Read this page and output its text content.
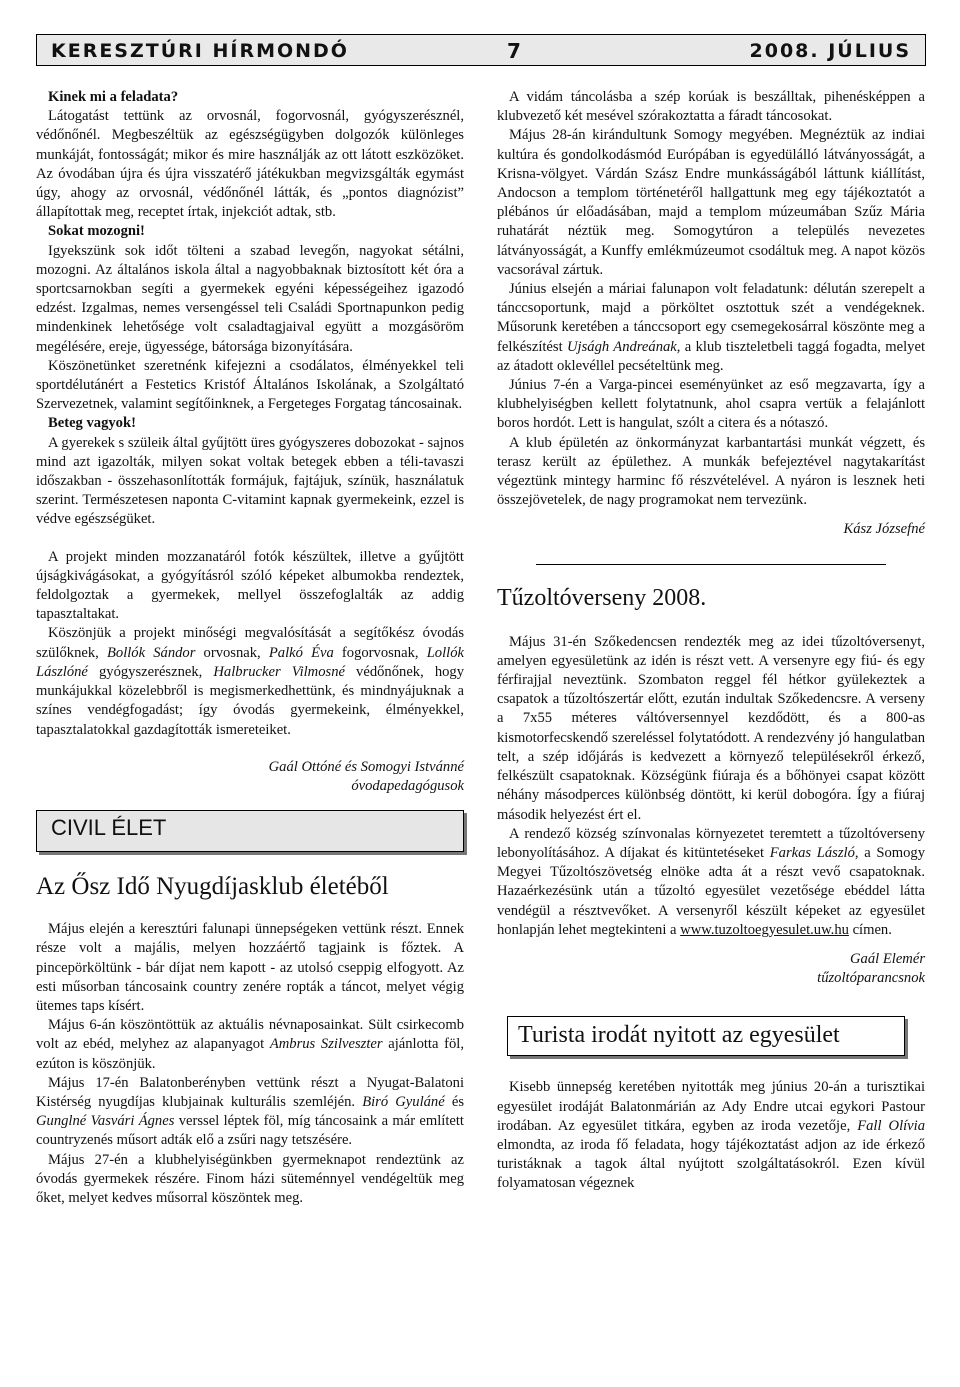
KERESZTÚRI HÍRMONDÓ	7	2008. JÚLIUS

Kinek mi a feladata?

Látogatást tettünk az orvosnál, fogorvosnál, gyógyszerésznél, védőnőnél. Megbeszéltük az egészségügyben dolgozók különleges munkáját, fontosságát; mikor és mire használják az ott látott eszközöket. Az óvodában újra és újra visszatérő játékukban megvizsgálták egymást úgy, ahogy az orvosnál, védőnőnél látták, és „pontos diagnózist” állapítottak meg, receptet írtak, injekciót adtak, stb.

Sokat mozogni!

Igyekszünk sok időt tölteni a szabad levegőn, nagyokat sétálni, mozogni. Az általános iskola által a nagyobbaknak biztosított két óra a sportcsarnokban segíti a gyermekek egyéni képességeihez igazodó edzést. Izgalmas, nemes versengéssel teli Családi Sportnapunkon pedig mindenkinek lehetősége volt csaladtagjaival együtt a mozgásöröm megélésére, ereje, ügyessége, bátorsága bizonyítására.

Köszönetünket szeretnénk kifejezni a csodálatos, élményekkel teli sportdélutánért a Festetics Kristóf Általános Iskolának, a Szolgáltató Szervezetnek, valamint segítőinknek, a Fergeteges Forgatag táncosainak.

Beteg vagyok!

A gyerekek s szüleik által gyűjtött üres gyógyszeres dobozokat - sajnos mind azt igazolták, milyen sokat voltak betegek ebben a téli-tavaszi időszakban - összehasonlították formájuk, fajtájuk, színük, használatuk szerint. Természetesen naponta C-vitamint kapnak gyermekeink, ezzel is védve egészségüket.

A projekt minden mozzanatáról fotók készültek, illetve a gyűjtött újságkivágásokat, a gyógyításról szóló képeket albumokba rendeztek, feldolgoztak a gyermekek, mellyel összefoglalták az addig tapasztaltakat.

Köszönjük a projekt minőségi megvalósítását a segítőkész óvodás szülőknek, Bollók Sándor orvosnak, Palkó Éva fogorvosnak, Lollók Lászlóné gyógyszerésznek, Halbrucker Vilmosné védőnőnek, hogy munkájukkal közelebbről is megismerkedhettünk, és mindnyájuknak a színes vendégfogadást; így óvodás gyermekeink, élményekkel, tapasztalatokkal gazdagították ismereteiket.

Gaál Ottóné és Somogyi Istvánné

óvodapedagógusok

CIVIL ÉLET
Az Ősz Idő Nyugdíjasklub életéből

Május elején a keresztúri falunapi ünnepségeken vettünk részt. Ennek része volt a majális, melyen hozzáértő tagjaink is főztek. A pincepörköltünk - bár díjat nem kapott - az utolsó cseppig elfogyott. Az esti műsorban táncosaink country zenére ropták a táncot, melyet végig ütemes taps kísért.

Május 6-án köszöntöttük az aktuális névnaposainkat. Sült csirkecomb volt az ebéd, melyhez az alapanyagot Ambrus Szilveszter ajánlotta föl, ezúton is köszönjük.

Május 17-én Balatonberényben vettünk részt a Nyugat-Balatoni Kistérség nyugdíjas klubjainak kulturális szemléjén. Biró Gyuláné és Gunglné Vasvári Ágnes verssel léptek föl, míg táncosaink a már említett countryzenés műsort adták elő a zsűri nagy tetszésére.

Május 27-én a klubhelyiségünkben gyermeknapot rendeztünk az óvodás gyermekek részére. Finom házi süteménnyel vendégeltük meg őket, melyet kedves műsorral köszöntek meg.

A vidám táncolásba a szép korúak is beszálltak, pihenésképpen a klubvezető két mesével szórakoztatta a fáradt táncosokat.

Május 28-án kirándultunk Somogy megyében. Megnéztük az indiai kultúra és gondolkodásmód Európában is egyedülálló látványosságát, a Krisna-völgyet. Várdán Szász Endre munkásságából láttunk kiállítást, Andocson a templom történetéről hallgattunk meg egy tájékoztatót a plébános úr előadásában, majd a templom múzeumában Szűz Mária ruhatárát néztük meg. Somogytúron a település nevezetes látványosságát, a Kunffy emlékmúzeumot csodáltuk meg. A napot közös vacsorával zártuk.

Június elsején a máriai falunapon volt feladatunk: délután szerepelt a tánccsoportunk, majd a pörköltet osztottuk szét a vendégeknek. Műsorunk keretében a tánccsoport egy csemegekosárral köszönte meg a felkészítést Ujságh Andreának, a klub tiszteletbeli taggá fogadta, melyet az átadott oklevéllel pecsételtünk meg.

Június 7-én a Varga-pincei eseményünket az eső megzavarta, így a klubhelyiségben kellett folytatnunk, ahol csapra vertük a felajánlott boros hordót. Lett is hangulat, szólt a citera és a nótaszó.

A klub épületén az önkormányzat karbantartási munkát végzett, és terasz került az épülethez. A munkák befejeztével nagytakarítást végeztünk mintegy harminc fő részvételével. A nyáron is lesznek heti összejövetelek, de nagy programokat nem tervezünk.

Kász Józsefné

Tűzoltóverseny 2008.

Május 31-én Szőkedencsen rendezték meg az idei tűzoltóversenyt, amelyen egyesületünk az idén is részt vett. A versenyre egy fiú- és egy férfirajjal neveztünk. Szombaton reggel fél hétkor gyülekeztek a csapatok a tűzoltószertár előtt, ezután indultak Szőkedencsre. A verseny a 7x55 méteres váltóversennyel kezdődött, és a 800-as kismotorfecskendő szereléssel folytatódott. A rendezvény jó hangulatban telt, a szép időjárás is kedvezett a környező településekről érkező, felkészült csapatoknak. Községünk fiúraja és a bőhönyei csapat között néhány másodperces különbség döntött, ki kerül dobogóra. Így a fiúraj második helyezést ért el.

A rendező község színvonalas környezetet teremtett a tűzoltóverseny lebonyolításához. A díjakat és kitüntetéseket Farkas László, a Somogy Megyei Tűzoltószövetség elnöke adta át a részt vevő csapatoknak. Hazaérkezésünk után a tűzoltó egyesület vezetősége ebéddel látta vendégül a résztvevőket. A versenyről készült képeket az egyesület honlapján lehet megtekinteni a www.tuzoltoegyesulet.uw.hu címen.

Gaál Elemér

tűzoltóparancsnok

Turista irodát nyitott az egyesület

Kisebb ünnepség keretében nyitották meg június 20-án a turisztikai egyesület irodáját Balatonmárián az Ady Endre utcai egykori Pastour irodában. Az egyesület titkára, egyben az iroda vezetője, Fall Olívia elmondta, az iroda fő feladata, hogy tájékoztatást adjon az ide érkező turistáknak a tagok által nyújtott szolgáltatásokról. Ezen kívül folyamatosan végeznek
